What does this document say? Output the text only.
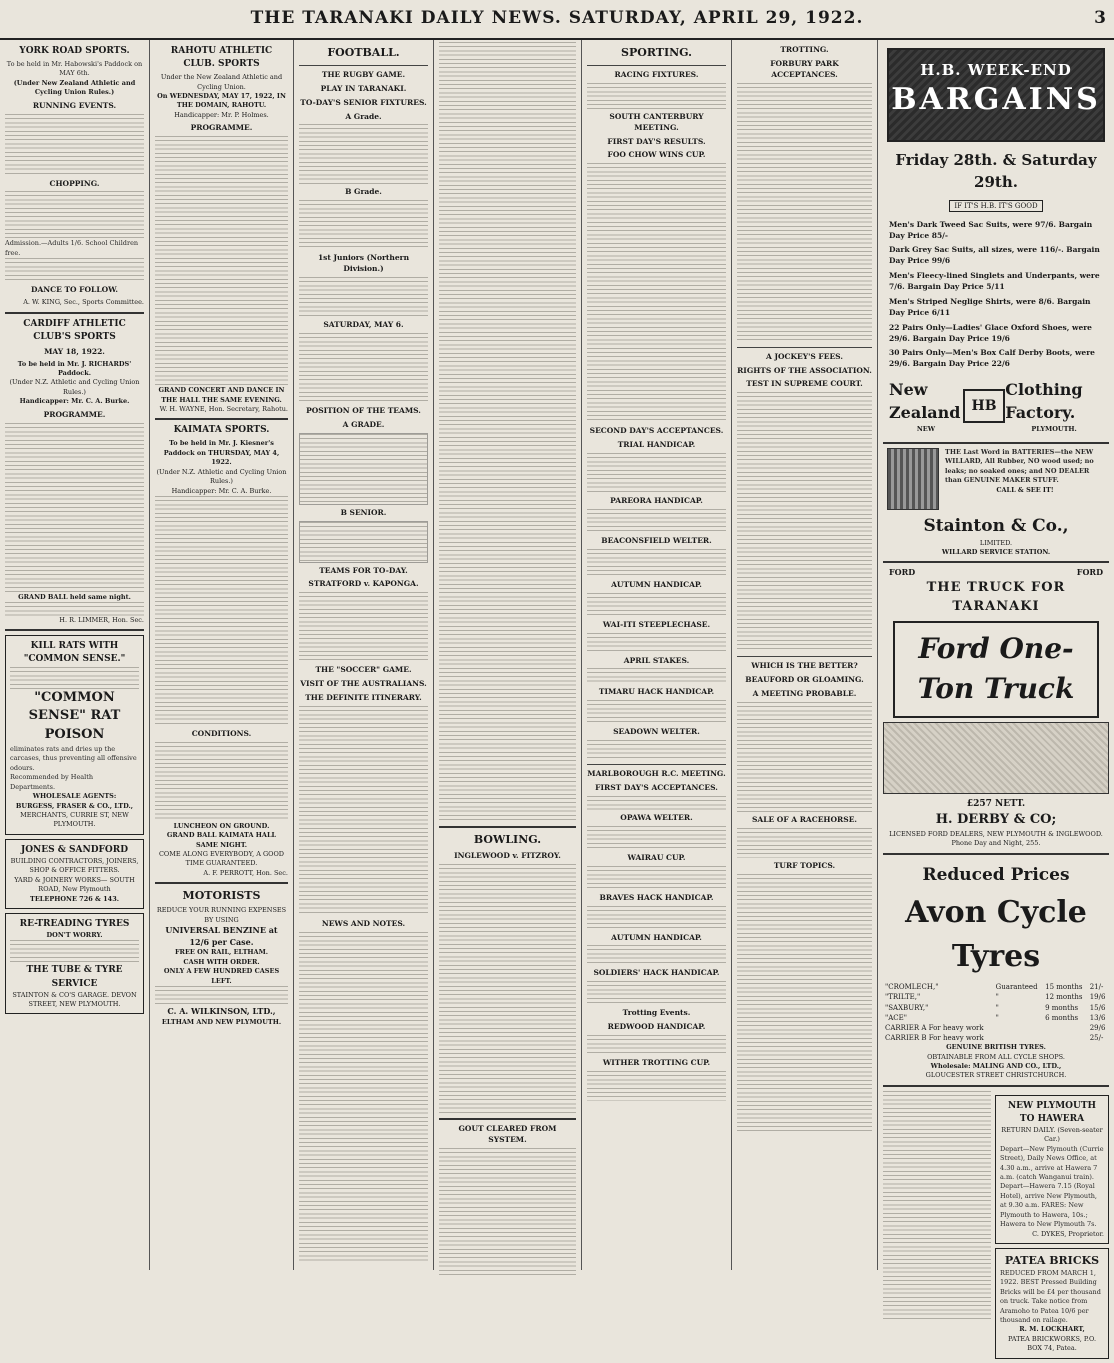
THE TARANAKI DAILY NEWS. SATURDAY, APRIL 29, 1922.	3
YORK ROAD SPORTS.
To be held in Mr. Habowski's Paddock on MAY 6th.
(Under New Zealand Athletic and Cycling Union Rules.)
RUNNING EVENTS.
CHOPPING.
Admission.—Adults 1/6. School Children free.
DANCE TO FOLLOW.
A. W. KING, Sec., Sports Committee.
CARDIFF ATHLETIC CLUB'S SPORTS
MAY 18, 1922.
To be held in Mr. J. RICHARDS' Paddock.
(Under N.Z. Athletic and Cycling Union Rules.)
Handicapper: Mr. C. A. Burke.
PROGRAMME.
GRAND BALL held same night.
H. R. LIMMER, Hon. Sec.
KILL RATS WITH "COMMON SENSE."
"COMMON SENSE" RAT POISON
eliminates rats and dries up the carcases, thus preventing all offensive odours.
Recommended by Health Departments.
WHOLESALE AGENTS:
BURGESS, FRASER & CO., LTD.,
MERCHANTS, CURRIE ST, NEW PLYMOUTH.
JONES & SANDFORD
BUILDING CONTRACTORS, JOINERS, SHOP & OFFICE FITTERS.
YARD & JOINERY WORKS— SOUTH ROAD, New Plymouth
TELEPHONE 726 & 143.
RE-TREADING TYRES
DON'T WORRY.
THE TUBE & TYRE SERVICE
STAINTON & CO'S GARAGE. DEVON STREET, NEW PLYMOUTH.
RAHOTU ATHLETIC CLUB. SPORTS
Under the New Zealand Athletic and Cycling Union.
On WEDNESDAY, MAY 17, 1922, IN THE DOMAIN, RAHOTU.
Handicapper: Mr. P. Holmes.
PROGRAMME.
GRAND CONCERT AND DANCE IN THE HALL THE SAME EVENING.
W. H. WAYNE, Hon. Secretary, Rahotu.
KAIMATA SPORTS.
To be held in Mr. J. Kiesner's Paddock on THURSDAY, MAY 4, 1922.
(Under N.Z. Athletic and Cycling Union Rules.)
Handicapper: Mr. C. A. Burke.
CONDITIONS.
LUNCHEON ON GROUND.
GRAND BALL KAIMATA HALL SAME NIGHT.
COME ALONG EVERYBODY, A GOOD TIME GUARANTEED.
A. F. PERROTT, Hon. Sec.
MOTORISTS
REDUCE YOUR RUNNING EXPENSES BY USING
UNIVERSAL BENZINE at 12/6 per Case.
FREE ON RAIL, ELTHAM.
CASH WITH ORDER.
ONLY A FEW HUNDRED CASES LEFT.
C. A. WILKINSON, LTD.,
ELTHAM AND NEW PLYMOUTH.
FOOTBALL.
THE RUGBY GAME.
PLAY IN TARANAKI.
TO-DAY'S SENIOR FIXTURES.
A Grade.
B Grade.
1st Juniors (Northern Division.)
SATURDAY, MAY 6.
POSITION OF THE TEAMS.
A GRADE.
B SENIOR.
TEAMS FOR TO-DAY.
STRATFORD v. KAPONGA.
THE "SOCCER" GAME.
VISIT OF THE AUSTRALIANS.
THE DEFINITE ITINERARY.
NEWS AND NOTES.
BOWLING.
INGLEWOOD v. FITZROY.
GOUT CLEARED FROM SYSTEM.
SPORTING.
RACING FIXTURES.
SOUTH CANTERBURY MEETING.
FIRST DAY'S RESULTS.
FOO CHOW WINS CUP.
SECOND DAY'S ACCEPTANCES.
TRIAL HANDICAP.
PAREORA HANDICAP.
BEACONSFIELD WELTER.
AUTUMN HANDICAP.
WAI-ITI STEEPLECHASE.
APRIL STAKES.
TIMARU HACK HANDICAP.
SEADOWN WELTER.
MARLBOROUGH R.C. MEETING.
FIRST DAY'S ACCEPTANCES.
OPAWA WELTER.
WAIRAU CUP.
BRAVES HACK HANDICAP.
AUTUMN HANDICAP.
SOLDIERS' HACK HANDICAP.
Trotting Events.
REDWOOD HANDICAP.
WITHER TROTTING CUP.
TROTTING.
FORBURY PARK ACCEPTANCES.
A JOCKEY'S FEES.
RIGHTS OF THE ASSOCIATION.
TEST IN SUPREME COURT.
WHICH IS THE BETTER?
BEAUFORD OR GLOAMING.
A MEETING PROBABLE.
SALE OF A RACEHORSE.
TURF TOPICS.
H.B. WEEK-END
BARGAINS
Friday 28th. & Saturday 29th.
IF IT'S H.B. IT'S GOOD
Men's Dark Tweed Sac Suits, were 97/6. Bargain Day Price 85/-
Dark Grey Sac Suits, all sizes, were 116/-. Bargain Day Price 99/6
Men's Fleecy-lined Singlets and Underpants, were 7/6. Bargain Day Price 5/11
Men's Striped Neglige Shirts, were 8/6. Bargain Day Price 6/11
22 Pairs Only—Ladies' Glace Oxford Shoes, were 29/6. Bargain Day Price 19/6
30 Pairs Only—Men's Box Calf Derby Boots, were 29/6. Bargain Day Price 22/6
New Zealand
NEW
HB
Clothing Factory.
PLYMOUTH.
THE Last Word in BATTERIES—the NEW WILLARD, All Rubber, NO wood used; no leaks; no soaked ones; and NO DEALER than GENUINE MAKER STUFF.
CALL & SEE IT!
Stainton & Co.,
LIMITED.
WILLARD SERVICE STATION.
FORD	FORD
THE TRUCK FOR TARANAKI
Ford One-Ton Truck
£257 NETT.
H. DERBY & CO;
LICENSED FORD DEALERS, NEW PLYMOUTH & INGLEWOOD.
Phone Day and Night, 255.
Reduced Prices
Avon Cycle Tyres
"CROMLECH,"	Guaranteed	15 months	21/-
"TRILTE,"	"	12 months	19/6
"SAXBURY,"	"	9 months	15/6
"ACE"	"	6 months	13/6
CARRIER A For heavy work			29/6
CARRIER B For heavy work			25/-
GENUINE BRITISH TYRES.
OBTAINABLE FROM ALL CYCLE SHOPS.
Wholesale: MALING AND CO., LTD.,
GLOUCESTER STREET CHRISTCHURCH.
NEW PLYMOUTH TO HAWERA
RETURN DAILY. (Seven-seater Car.)
Depart—New Plymouth (Currie Street), Daily News Office, at 4.30 a.m., arrive at Hawera 7 a.m. (catch Wanganui train). Depart—Hawera 7.15 (Royal Hotel), arrive New Plymouth, at 9.30 a.m. FARES: New Plymouth to Hawera, 10s.; Hawera to New Plymouth 7s.
C. DYKES, Proprietor.
PATEA BRICKS
REDUCED FROM MARCH 1, 1922. BEST Pressed Building Bricks will be £4 per thousand on truck. Take notice from Aramoho to Patea 10/6 per thousand on railage.
R. M. LOCKHART,
PATEA BRICKWORKS, P.O. BOX 74, Patea.
